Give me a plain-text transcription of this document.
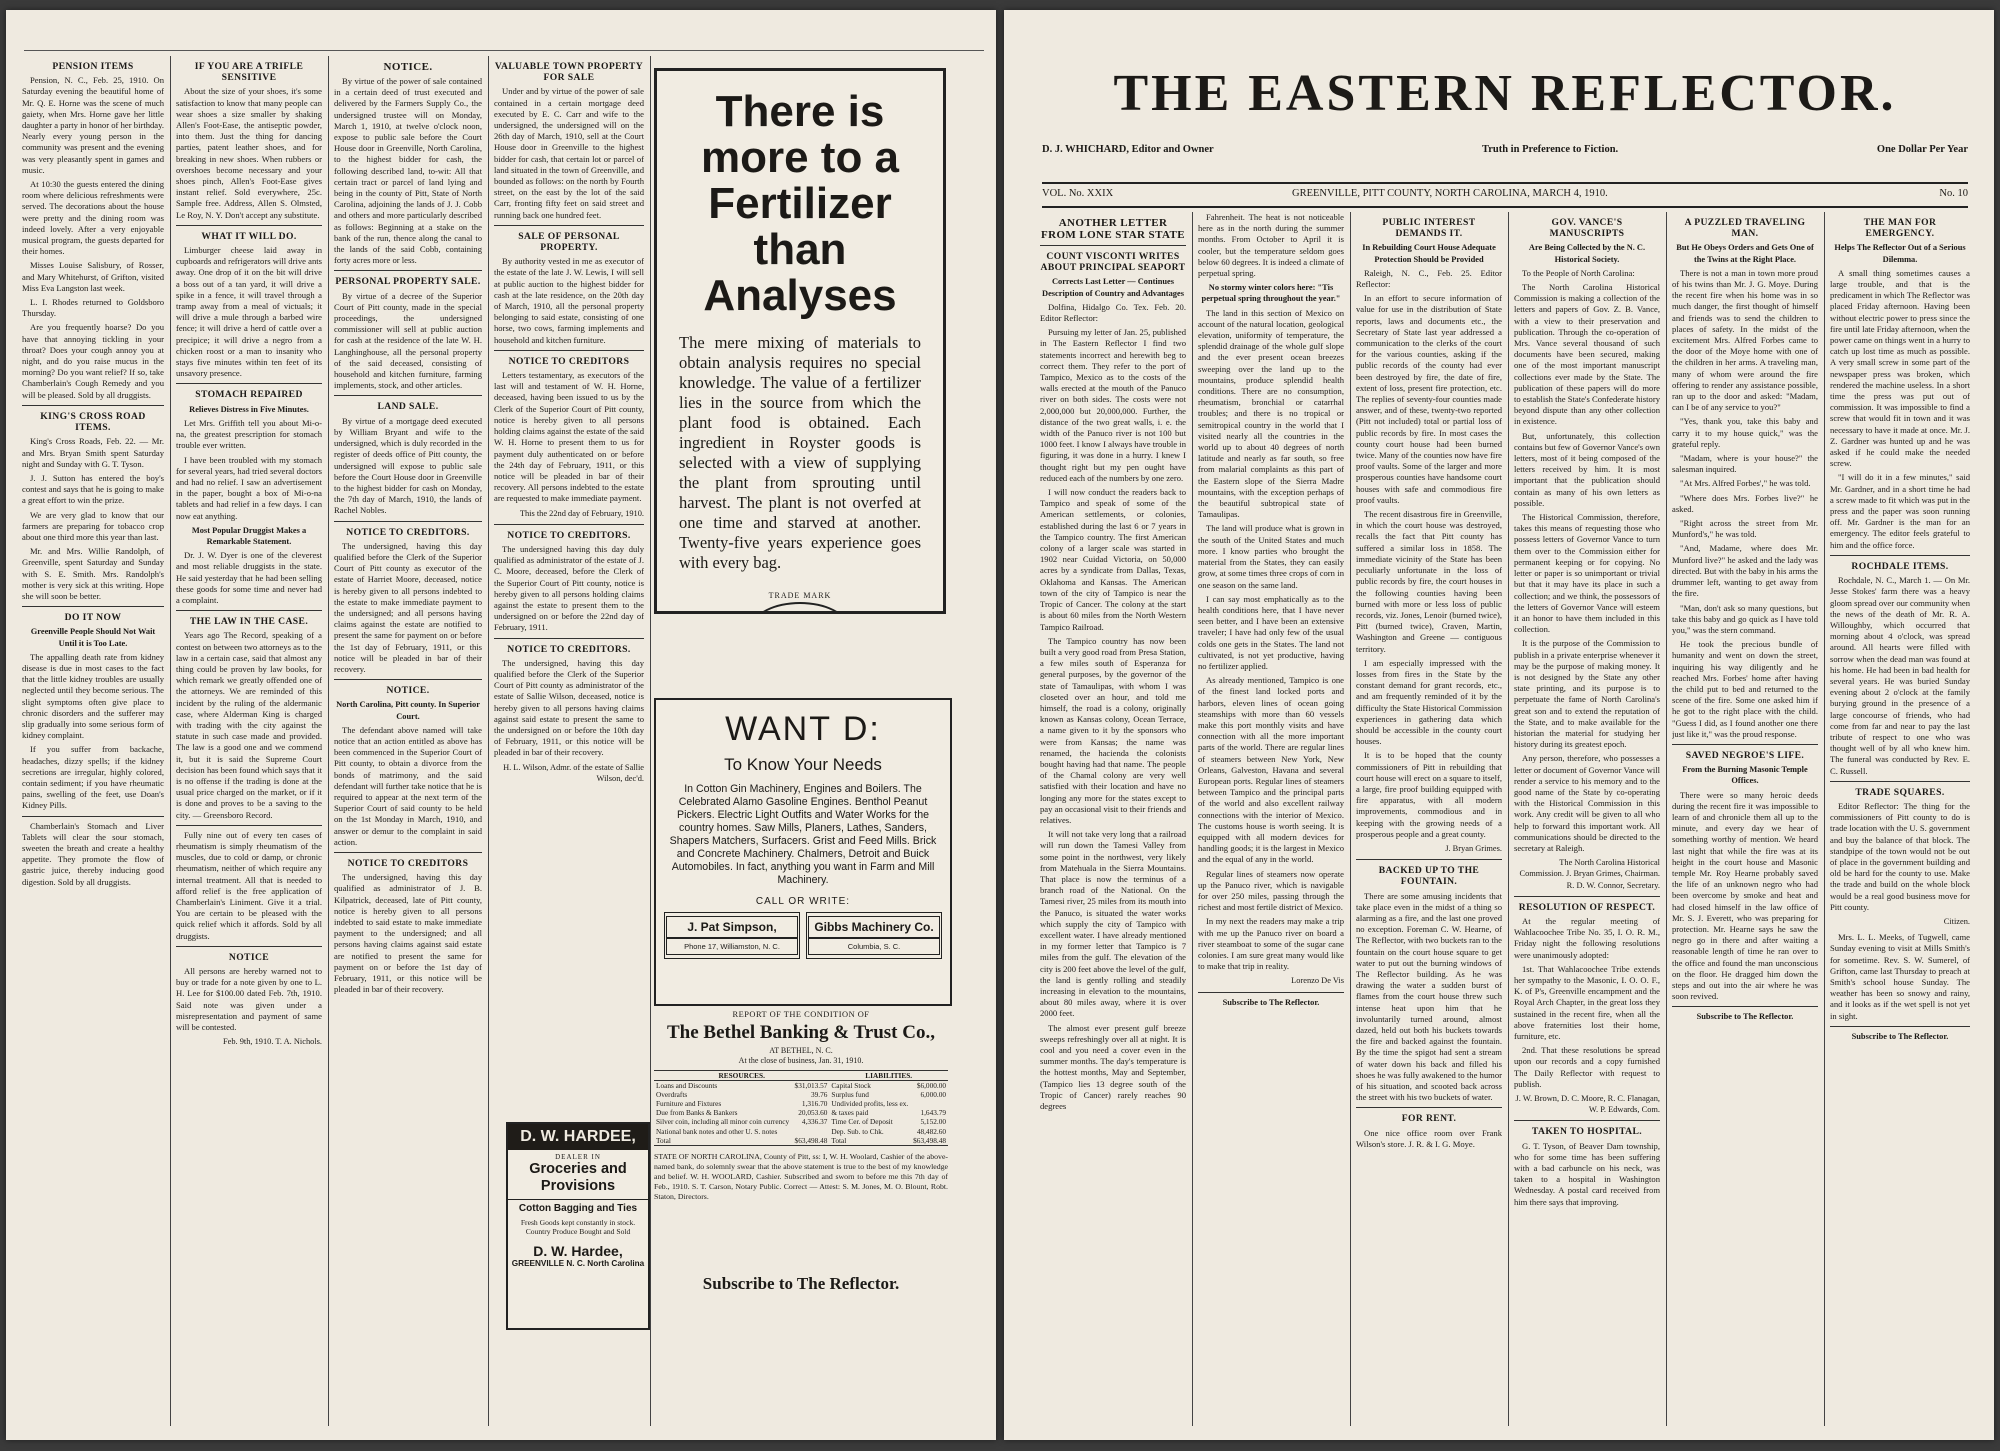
PENSION ITEMS

Pension, N. C., Feb. 25, 1910. On Saturday evening the beautiful home of Mr. Q. E. Horne was the scene of much gaiety, when Mrs. Horne gave her little daughter a party in honor of her birthday. Nearly every young person in the community was present and the evening was very pleasantly spent in games and music.

At 10:30 the guests entered the dining room where delicious refreshments were served. The decorations about the house were pretty and the dining room was indeed lovely. After a very enjoyable musical program, the guests departed for their homes.

Misses Louise Salisbury, of Rosser, and Mary Whitehurst, of Grifton, visited Miss Eva Langston last week.

L. I. Rhodes returned to Goldsboro Thursday.

Are you frequently hoarse? Do you have that annoying tickling in your throat? Does your cough annoy you at night, and do you raise mucus in the morning? Do you want relief? If so, take Chamberlain's Cough Remedy and you will be pleased. Sold by all druggists.

KING'S CROSS ROAD ITEMS.

King's Cross Roads, Feb. 22. — Mr. and Mrs. Bryan Smith spent Saturday night and Sunday with G. T. Tyson.

J. J. Sutton has entered the boy's contest and says that he is going to make a great effort to win the prize.

We are very glad to know that our farmers are preparing for tobacco crop about one third more this year than last.

Mr. and Mrs. Willie Randolph, of Greenville, spent Saturday and Sunday with S. E. Smith. Mrs. Randolph's mother is very sick at this writing. Hope she will soon be better.

DO IT NOW
Greenville People Should Not Wait Until it is Too Late.

The appalling death rate from kidney disease is due in most cases to the fact that the little kidney troubles are usually neglected until they become serious. The slight symptoms often give place to chronic disorders and the sufferer may slip gradually into some serious form of kidney complaint.

If you suffer from backache, headaches, dizzy spells; if the kidney secretions are irregular, highly colored, contain sediment; if you have rheumatic pains, swelling of the feet, use Doan's Kidney Pills.

Chamberlain's Stomach and Liver Tablets will clear the sour stomach, sweeten the breath and create a healthy appetite. They promote the flow of gastric juice, thereby inducing good digestion. Sold by all druggists.

IF YOU ARE A TRIFLE SENSITIVE

About the size of your shoes, it's some satisfaction to know that many people can wear shoes a size smaller by shaking Allen's Foot-Ease, the antiseptic powder, into them. Just the thing for dancing parties, patent leather shoes, and for breaking in new shoes. When rubbers or overshoes become necessary and your shoes pinch, Allen's Foot-Ease gives instant relief. Sold everywhere, 25c. Sample free. Address, Allen S. Olmsted, Le Roy, N. Y. Don't accept any substitute.

WHAT IT WILL DO.

Limburger cheese laid away in cupboards and refrigerators will drive ants away. One drop of it on the bit will drive a boss out of a tan yard, it will drive a spike in a fence, it will travel through a tramp away from a meal of victuals; it will drive a mule through a barbed wire fence; it will drive a herd of cattle over a precipice; it will drive a negro from a chicken roost or a man to insanity who stays five minutes within ten feet of its unsavory presence.

STOMACH REPAIRED
Relieves Distress in Five Minutes.

Let Mrs. Griffith tell you about Mi-o-na, the greatest prescription for stomach trouble ever written.

I have been troubled with my stomach for several years, had tried several doctors and had no relief. I saw an advertisement in the paper, bought a box of Mi-o-na tablets and had relief in a few days. I can now eat anything.

Most Popular Druggist Makes a Remarkable Statement.

Dr. J. W. Dyer is one of the cleverest and most reliable druggists in the state. He said yesterday that he had been selling these goods for some time and never had a complaint.

THE LAW IN THE CASE.

Years ago The Record, speaking of a contest on between two attorneys as to the law in a certain case, said that almost any thing could be proven by law books, for which remark we greatly offended one of the attorneys. We are reminded of this incident by the ruling of the aldermanic case, where Alderman King is charged with trading with the city against the statute in such case made and provided. The law is a good one and we commend it, but it is said the Supreme Court decision has been found which says that it is no offense if the trading is done at the usual price charged on the market, or if it is done and proves to be a saving to the city. — Greensboro Record.

Fully nine out of every ten cases of rheumatism is simply rheumatism of the muscles, due to cold or damp, or chronic rheumatism, neither of which require any internal treatment. All that is needed to afford relief is the free application of Chamberlain's Liniment. Give it a trial. You are certain to be pleased with the quick relief which it affords. Sold by all druggists.

NOTICE

All persons are hereby warned not to buy or trade for a note given by one to L. H. Lee for $100.00 dated Feb. 7th, 1910. Said note was given under a misrepresentation and payment of same will be contested.

Feb. 9th, 1910. T. A. Nichols.
NOTICE.

By virtue of the power of sale contained in a certain deed of trust executed and delivered by the Farmers Supply Co., the undersigned trustee will on Monday, March 1, 1910, at twelve o'clock noon, expose to public sale before the Court House door in Greenville, North Carolina, to the highest bidder for cash, the following described land, to-wit: All that certain tract or parcel of land lying and being in the county of Pitt, State of North Carolina, adjoining the lands of J. J. Cobb and others and more particularly described as follows: Beginning at a stake on the bank of the run, thence along the canal to the lands of the said Cobb, containing forty acres more or less.

PERSONAL PROPERTY SALE.

By virtue of a decree of the Superior Court of Pitt county, made in the special proceedings, the undersigned commissioner will sell at public auction for cash at the residence of the late W. H. Langhinghouse, all the personal property of the said deceased, consisting of household and kitchen furniture, farming implements, stock, and other articles.

LAND SALE.

By virtue of a mortgage deed executed by William Bryant and wife to the undersigned, which is duly recorded in the register of deeds office of Pitt county, the undersigned will expose to public sale before the Court House door in Greenville to the highest bidder for cash on Monday, the 7th day of March, 1910, the lands of Rachel Nobles.

NOTICE TO CREDITORS.

The undersigned, having this day qualified before the Clerk of the Superior Court of Pitt county as executor of the estate of Harriet Moore, deceased, notice is hereby given to all persons indebted to the estate to make immediate payment to the undersigned; and all persons having claims against the estate are notified to present the same for payment on or before the 1st day of February, 1911, or this notice will be pleaded in bar of their recovery.

NOTICE.
North Carolina, Pitt county. In Superior Court.

The defendant above named will take notice that an action entitled as above has been commenced in the Superior Court of Pitt county, to obtain a divorce from the bonds of matrimony, and the said defendant will further take notice that he is required to appear at the next term of the Superior Court of said county to be held on the 1st Monday in March, 1910, and answer or demur to the complaint in said action.

NOTICE TO CREDITORS

The undersigned, having this day qualified as administrator of J. B. Kilpatrick, deceased, late of Pitt county, notice is hereby given to all persons indebted to said estate to make immediate payment to the undersigned; and all persons having claims against said estate are notified to present the same for payment on or before the 1st day of February, 1911, or this notice will be pleaded in bar of their recovery.

VALUABLE TOWN PROPERTY FOR SALE

Under and by virtue of the power of sale contained in a certain mortgage deed executed by E. C. Carr and wife to the undersigned, the undersigned will on the 26th day of March, 1910, sell at the Court House door in Greenville to the highest bidder for cash, that certain lot or parcel of land situated in the town of Greenville, and bounded as follows: on the north by Fourth street, on the east by the lot of the said Carr, fronting fifty feet on said street and running back one hundred feet.

SALE OF PERSONAL PROPERTY.

By authority vested in me as executor of the estate of the late J. W. Lewis, I will sell at public auction to the highest bidder for cash at the late residence, on the 20th day of March, 1910, all the personal property belonging to said estate, consisting of one horse, two cows, farming implements and household and kitchen furniture.

NOTICE TO CREDITORS

Letters testamentary, as executors of the last will and testament of W. H. Horne, deceased, having been issued to us by the Clerk of the Superior Court of Pitt county, notice is hereby given to all persons holding claims against the estate of the said W. H. Horne to present them to us for payment duly authenticated on or before the 24th day of February, 1911, or this notice will be pleaded in bar of their recovery. All persons indebted to the estate are requested to make immediate payment.

This the 22nd day of February, 1910.
NOTICE TO CREDITORS.

The undersigned having this day duly qualified as administrator of the estate of J. C. Moore, deceased, before the Clerk of the Superior Court of Pitt county, notice is hereby given to all persons holding claims against the estate to present them to the undersigned on or before the 22nd day of February, 1911.

NOTICE TO CREDITORS.

The undersigned, having this day qualified before the Clerk of the Superior Court of Pitt county as administrator of the estate of Sallie Wilson, deceased, notice is hereby given to all persons having claims against said estate to present the same to the undersigned on or before the 10th day of February, 1911, or this notice will be pleaded in bar of their recovery.

H. L. Wilson, Admr. of the estate of Sallie Wilson, dec'd.
There is more to a Fertilizer than Analyses
The mere mixing of materials to obtain analysis requires no special knowledge. The value of a fertilizer lies in the source from which the plant food is obtained. Each ingredient in Royster goods is selected with a view of supplying the plant from sprouting until harvest. The plant is not overfed at one time and starved at another. Twenty-five years experience goes with every bag.
TRADE MARK
WANT D:
To Know Your Needs
In Cotton Gin Machinery, Engines and Boilers. The Celebrated Alamo Gasoline Engines. Benthol Peanut Pickers. Electric Light Outfits and Water Works for the country homes. Saw Mills, Planers, Lathes, Sanders, Shapers Matchers, Surfacers. Grist and Feed Mills. Brick and Concrete Machinery. Chalmers, Detroit and Buick Automobiles. In fact, anything you want in Farm and Mill Machinery.
CALL OR WRITE:
J. Pat Simpson,
Phone 17, Williamston, N. C.
Gibbs Machinery Co.
Columbia, S. C.
REPORT OF THE CONDITION OF
The Bethel Banking & Trust Co.,
AT BETHEL, N. C.
At the close of business, Jan. 31, 1910.
RESOURCES.		LIABILITIES.	
Loans and Discounts	$31,013.57	Capital Stock	$6,000.00
Overdrafts	39.76	Surplus fund	6,000.00
Furniture and Fixtures	1,316.70	Undivided profits, less ex.	
Due from Banks & Bankers	20,053.60	& taxes paid	1,643.79
Silver coin, including all minor coin currency	4,336.37	Time Cer. of Deposit	5,152.00
National bank notes and other U. S. notes		Dep. Sub. to Chk.	48,482.60
Total	$63,498.48	Total	$63,498.48
STATE OF NORTH CAROLINA, County of Pitt, ss: I, W. H. Woolard, Cashier of the above-named bank, do solemnly swear that the above statement is true to the best of my knowledge and belief. W. H. WOOLARD, Cashier. Subscribed and sworn to before me this 7th day of Feb., 1910. S. T. Carson, Notary Public. Correct — Attest: S. M. Jones, M. O. Blount, Robt. Staton, Directors.
Subscribe to The Reflector.
D. W. HARDEE,
DEALER IN
Groceries and Provisions
Cotton Bagging and Ties
Fresh Goods kept constantly in stock. Country Produce Bought and Sold
D. W. Hardee,
GREENVILLE N. C. North Carolina
THE EASTERN REFLECTOR.
D. J. WHICHARD, Editor and Owner	Truth in Preference to Fiction.	One Dollar Per Year
VOL. No. XXIX	GREENVILLE, PITT COUNTY, NORTH CAROLINA, MARCH 4, 1910.	No. 10
ANOTHER LETTER FROM LONE STAR STATE
COUNT VISCONTI WRITES ABOUT PRINCIPAL SEAPORT
Corrects Last Letter — Continues Description of Country and Advantages

Dolfina, Hidalgo Co. Tex. Feb. 20. Editor Reflector:

Pursuing my letter of Jan. 25, published in The Eastern Reflector I find two statements incorrect and herewith beg to correct them. They refer to the port of Tampico, Mexico as to the costs of the walls erected at the mouth of the Panuco river on both sides. The costs were not 2,000,000 but 20,000,000. Further, the distance of the two great walls, i. e. the width of the Panuco river is not 100 but 1000 feet. I know I always have trouble in figuring, it was done in a hurry. I knew I thought right but my pen ought have reduced each of the numbers by one zero.

I will now conduct the readers back to Tampico and speak of some of the American settlements, or colonies, established during the last 6 or 7 years in the Tampico country. The first American colony of a larger scale was started in 1902 near Cuidad Victoria, on 50,000 acres by a syndicate from Dallas, Texas, Oklahoma and Kansas. The American town of the city of Tampico is near the Tropic of Cancer. The colony at the start is about 60 miles from the North Western Tampico Railroad.

The Tampico country has now been built a very good road from Presa Station, a few miles south of Esperanza for general purposes, by the governor of the state of Tamaulipas, with whom I was closeted over an hour, and told me himself, the road is a colony, originally known as Kansas colony, Ocean Terrace, a name given to it by the sponsors who were from Kansas; the name was renamed, the hacienda the colonists bought having had that name. The people of the Chamal colony are very well satisfied with their location and have no longing any more for the states except to pay an occasional visit to their friends and relatives.

It will not take very long that a railroad will run down the Tamesi Valley from some point in the northwest, very likely from Matehuala in the Sierra Mountains. That place is now the terminus of a branch road of the National. On the Tamesi river, 25 miles from its mouth into the Panuco, is situated the water works which supply the city of Tampico with excellent water. I have already mentioned in my former letter that Tampico is 7 miles from the gulf. The elevation of the city is 200 feet above the level of the gulf, the land is gently rolling and steadily increasing in elevation to the mountains, about 80 miles away, where it is over 2000 feet.

The almost ever present gulf breeze sweeps refreshingly over all at night. It is cool and you need a cover even in the summer months. The day's temperature is the hottest months, May and September, (Tampico lies 13 degree south of the Tropic of Cancer) rarely reaches 90 degrees

Fahrenheit. The heat is not noticeable here as in the north during the summer months. From October to April it is cooler, but the temperature seldom goes below 60 degrees. It is indeed a climate of perpetual spring.

No stormy winter colors here: "Tis perpetual spring throughout the year."

The land in this section of Mexico on account of the natural location, geological elevation, uniformity of temperature, the splendid drainage of the whole gulf slope and the ever present ocean breezes sweeping over the land up to the mountains, produce splendid health conditions. There are no consumption, rheumatism, bronchial or catarrhal troubles; and there is no tropical or semitropical country in the world that I visited nearly all the countries in the world up to about 40 degrees of north latitude and nearly as far south, so free from malarial complaints as this part of the Eastern slope of the Sierra Madre mountains, with the exception perhaps of the beautiful subtropical state of Tamaulipas.

The land will produce what is grown in the south of the United States and much more. I know parties who brought the material from the States, they can easily grow, at some times three crops of corn in one season on the same land.

I can say most emphatically as to the health conditions here, that I have never seen better, and I have been an extensive traveler; I have had only few of the usual colds one gets in the States. The land not cultivated, is not yet productive, having no fertilizer applied.

As already mentioned, Tampico is one of the finest land locked ports and harbors, eleven lines of ocean going steamships with more than 60 vessels make this port monthly visits and have connection with all the more important parts of the world. There are regular lines of steamers between New York, New Orleans, Galveston, Havana and several European ports. Regular lines of steamers between Tampico and the principal parts of the world and also excellent railway connections with the interior of Mexico. The customs house is worth seeing. It is equipped with all modern devices for handling goods; it is the largest in Mexico and the equal of any in the world.

Regular lines of steamers now operate up the Panuco river, which is navigable for over 250 miles, passing through the richest and most fertile district of Mexico.

In my next the readers may make a trip with me up the Panuco river on board a river steamboat to some of the sugar cane colonies. I am sure great many would like to make that trip in reality.

Lorenzo De Vis
Subscribe to The Reflector.
PUBLIC INTEREST DEMANDS IT.
In Rebuilding Court House Adequate Protection Should be Provided

Raleigh, N. C., Feb. 25. Editor Reflector:

In an effort to secure information of value for use in the distribution of State reports, laws and documents etc., the Secretary of State last year addressed a communication to the clerks of the court for the various counties, asking if the public records of the county had ever been destroyed by fire, the date of fire, extent of loss, present fire protection, etc. The replies of seventy-four counties made answer, and of these, twenty-two reported (Pitt not included) total or partial loss of public records by fire. In most cases the county court house had been burned twice. Many of the counties now have fire proof vaults. Some of the larger and more prosperous counties have handsome court houses with safe and commodious fire proof vaults.

The recent disastrous fire in Greenville, in which the court house was destroyed, recalls the fact that Pitt county has suffered a similar loss in 1858. The immediate vicinity of the State has been peculiarly unfortunate in the loss of public records by fire, the court houses in the following counties having been burned with more or less loss of public records, viz. Jones, Lenoir (burned twice), Pitt (burned twice), Craven, Martin, Washington and Greene — contiguous territory.

I am especially impressed with the losses from fires in the State by the constant demand for grant records, etc., and am frequently reminded of it by the difficulty the State Historical Commission experiences in gathering data which should be accessible in the county court houses.

It is to be hoped that the county commissioners of Pitt in rebuilding that court house will erect on a square to itself, a large, fire proof building equipped with fire apparatus, with all modern improvements, commodious and in keeping with the growing needs of a prosperous people and a great county.

J. Bryan Grimes.
BACKED UP TO THE FOUNTAIN.

There are some amusing incidents that take place even in the midst of a thing so alarming as a fire, and the last one proved no exception. Foreman C. W. Hearne, of The Reflector, with two buckets ran to the fountain on the court house square to get water to put out the burning windows of The Reflector building. As he was drawing the water a sudden burst of flames from the court house threw such intense heat upon him that he involuntarily turned around, almost dazed, held out both his buckets towards the fire and backed against the fountain. By the time the spigot had sent a stream of water down his back and filled his shoes he was fully awakened to the humor of his situation, and scooted back across the street with his two buckets of water.

FOR RENT.

One nice office room over Frank Wilson's store. J. R. & I. G. Moye.

GOV. VANCE'S MANUSCRIPTS
Are Being Collected by the N. C. Historical Society.

To the People of North Carolina:

The North Carolina Historical Commission is making a collection of the letters and papers of Gov. Z. B. Vance, with a view to their preservation and publication. Through the co-operation of Mrs. Vance several thousand of such documents have been secured, making one of the most important manuscript collections ever made by the State. The publication of these papers will do more to establish the State's Confederate history beyond dispute than any other collection in existence.

But, unfortunately, this collection contains but few of Governor Vance's own letters, most of it being composed of the letters received by him. It is most important that the publication should contain as many of his own letters as possible.

The Historical Commission, therefore, takes this means of requesting those who possess letters of Governor Vance to turn them over to the Commission either for permanent keeping or for copying. No letter or paper is so unimportant or trivial but that it may have its place in such a collection; and we think, the possessors of the letters of Governor Vance will esteem it an honor to have them included in this collection.

It is the purpose of the Commission to publish in a private enterprise whenever it may be the purpose of making money. It is not designed by the State any other state printing, and its purpose is to perpetuate the fame of North Carolina's great son and to extend the reputation of the State, and to make available for the historian the material for studying her history during its greatest epoch.

Any person, therefore, who possesses a letter or document of Governor Vance will render a service to his memory and to the good name of the State by co-operating with the Historical Commission in this work. Any credit will be given to all who help to forward this important work. All communications should be directed to the secretary at Raleigh.

The North Carolina Historical Commission. J. Bryan Grimes, Chairman. R. D. W. Connor, Secretary.
RESOLUTION OF RESPECT.

At the regular meeting of Wahlacoochee Tribe No. 35, I. O. R. M., Friday night the following resolutions were unanimously adopted:

1st. That Wahlacoochee Tribe extends her sympathy to the Masonic, I. O. O. F., K. of P's, Greenville encampment and the Royal Arch Chapter, in the great loss they sustained in the recent fire, when all the above fraternities lost their home, furniture, etc.

2nd. That these resolutions be spread upon our records and a copy furnished The Daily Reflector with request to publish.

J. W. Brown, D. C. Moore, R. C. Flanagan, W. P. Edwards, Com.
TAKEN TO HOSPITAL.

G. T. Tyson, of Beaver Dam township, who for some time has been suffering with a bad carbuncle on his neck, was taken to a hospital in Washington Wednesday. A postal card received from him there says that improving.

A PUZZLED TRAVELING MAN.
But He Obeys Orders and Gets One of the Twins at the Right Place.

There is not a man in town more proud of his twins than Mr. J. G. Moye. During the recent fire when his home was in so much danger, the first thought of himself and friends was to send the children to places of safety. In the midst of the excitement Mrs. Alfred Forbes came to the door of the Moye home with one of the children in her arms. A traveling man, many of whom were around the fire offering to render any assistance possible, ran up to the door and asked: "Madam, can I be of any service to you?"

"Yes, thank you, take this baby and carry it to my house quick," was the grateful reply.

"Madam, where is your house?" the salesman inquired.

"At Mrs. Alfred Forbes'," he was told.

"Where does Mrs. Forbes live?" he asked.

"Right across the street from Mr. Munford's," he was told.

"And, Madame, where does Mr. Munford live?" he asked and the lady was directed. But with the baby in his arms the drummer left, wanting to get away from the fire.

"Man, don't ask so many questions, but take this baby and go quick as I have told you," was the stern command.

He took the precious bundle of humanity and went on down the street, inquiring his way diligently and he reached Mrs. Forbes' home after having the child put to bed and returned to the scene of the fire. Some one asked him if he got to the right place with the child. "Guess I did, as I found another one there just like it," was the proud response.

SAVED NEGROE'S LIFE.
From the Burning Masonic Temple Offices.

There were so many heroic deeds during the recent fire it was impossible to learn of and chronicle them all up to the minute, and every day we hear of something worthy of mention. We heard last night that while the fire was at its height in the court house and Masonic temple Mr. Roy Hearne probably saved the life of an unknown negro who had been overcome by smoke and heat and had closed himself in the law office of Mr. S. J. Everett, who was preparing for protection. Mr. Hearne says he saw the negro go in there and after waiting a reasonable length of time he ran over to the office and found the man unconscious on the floor. He dragged him down the steps and out into the air where he was soon revived.

Subscribe to The Reflector.
THE MAN FOR EMERGENCY.
Helps The Reflector Out of a Serious Dilemma.

A small thing sometimes causes a large trouble, and that is the predicament in which The Reflector was placed Friday afternoon. Having been without electric power to press since the fire until late Friday afternoon, when the power came on things went in a hurry to catch up lost time as much as possible. A very small screw in some part of the newspaper press was broken, which rendered the machine useless. In a short time the press was put out of commission. It was impossible to find a screw that would fit in town and it was necessary to have it made at once. Mr. J. Z. Gardner was hunted up and he was asked if he could make the needed screw.

"I will do it in a few minutes," said Mr. Gardner, and in a short time he had a screw made to fit which was put in the press and the paper was soon running off. Mr. Gardner is the man for an emergency. The editor feels grateful to him and the office force.

ROCHDALE ITEMS.

Rochdale, N. C., March 1. — On Mr. Jesse Stokes' farm there was a heavy gloom spread over our community when the news of the death of Mr. R. A. Willoughby, which occurred that morning about 4 o'clock, was spread around. All hearts were filled with sorrow when the dead man was found at his home. He had been in bad health for several years. He was buried Sunday evening about 2 o'clock at the family burying ground in the presence of a large concourse of friends, who had come from far and near to pay the last tribute of respect to one who was thought well of by all who knew him. The funeral was conducted by Rev. E. C. Russell.

TRADE SQUARES.

Editor Reflector: The thing for the commissioners of Pitt county to do is trade location with the U. S. government and buy the balance of that block. The standpipe of the town would not be out of place in the government building and old be hard for the county to use. Make the trade and build on the whole block would be a real good business move for Pitt county.

Citizen.

Mrs. L. L. Meeks, of Tugwell, came Sunday evening to visit at Mills Smith's for sometime. Rev. S. W. Sumerel, of Grifton, came last Thursday to preach at Smith's school house Sunday. The weather has been so snowy and rainy, and it looks as if the wet spell is not yet in sight.

Subscribe to The Reflector.
